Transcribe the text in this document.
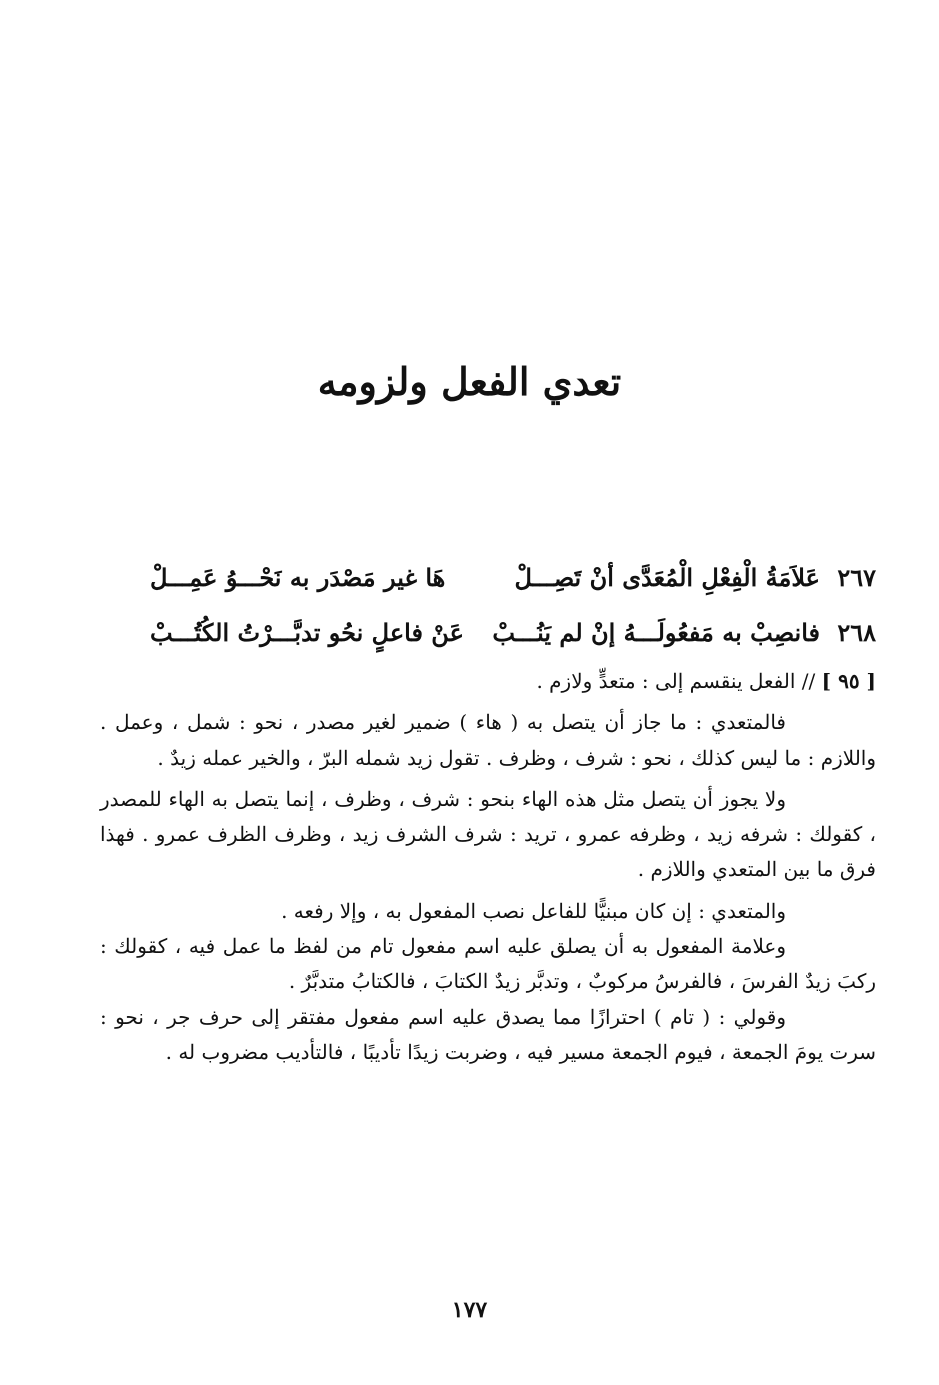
تعدي الفعل ولزومه
٢٦٧
عَلاَمَةُ الْفِعْلِ الْمُعَدَّى أنْ تَصِـــلْ
هَا غير مَصْدَر به نَحْـــوُ عَمِـــلْ
٢٦٨
فانصِبْ به مَفعُولَـــهُ إنْ لم يَنُـــبْ
عَنْ فاعلٍ نحُو تدبَّـــرْتُ الكُتُـــبْ

[ ٩٥ ] // الفعل ينقسم إلى : متعدٍّ ولازم .

فالمتعدي : ما جاز أن يتصل به ( هاء ) ضمير لغير مصدر ، نحو : شمل ، وعمل . واللازم : ما ليس كذلك ، نحو : شرف ، وظرف . تقول زيد شمله البرّ ، والخير عمله زيدٌ .

ولا يجوز أن يتصل مثل هذه الهاء بنحو : شرف ، وظرف ، إنما يتصل به الهاء للمصدر ، كقولك : شرفه زيد ، وظرفه عمرو ، تريد : شرف الشرف زيد ، وظرف الظرف عمرو . فهذا فرق ما بين المتعدي واللازم .

والمتعدي : إن كان مبنيًّا للفاعل نصب المفعول به ، وإلا رفعه .

وعلامة المفعول به أن يصلق عليه اسم مفعول تام من لفظ ما عمل فيه ، كقولك : ركبَ زيدٌ الفرسَ ، فالفرسُ مركوبٌ ، وتدبَّر زيدٌ الكتابَ ، فالكتابُ متدبَّرٌ .

وقولي : ( تام ) احترازًا مما يصدق عليه اسم مفعول مفتقر إلى حرف جر ، نحو : سرت يومَ الجمعة ، فيوم الجمعة مسير فيه ، وضربت زيدًا تأديبًا ، فالتأديب مضروب له .

١٧٧
